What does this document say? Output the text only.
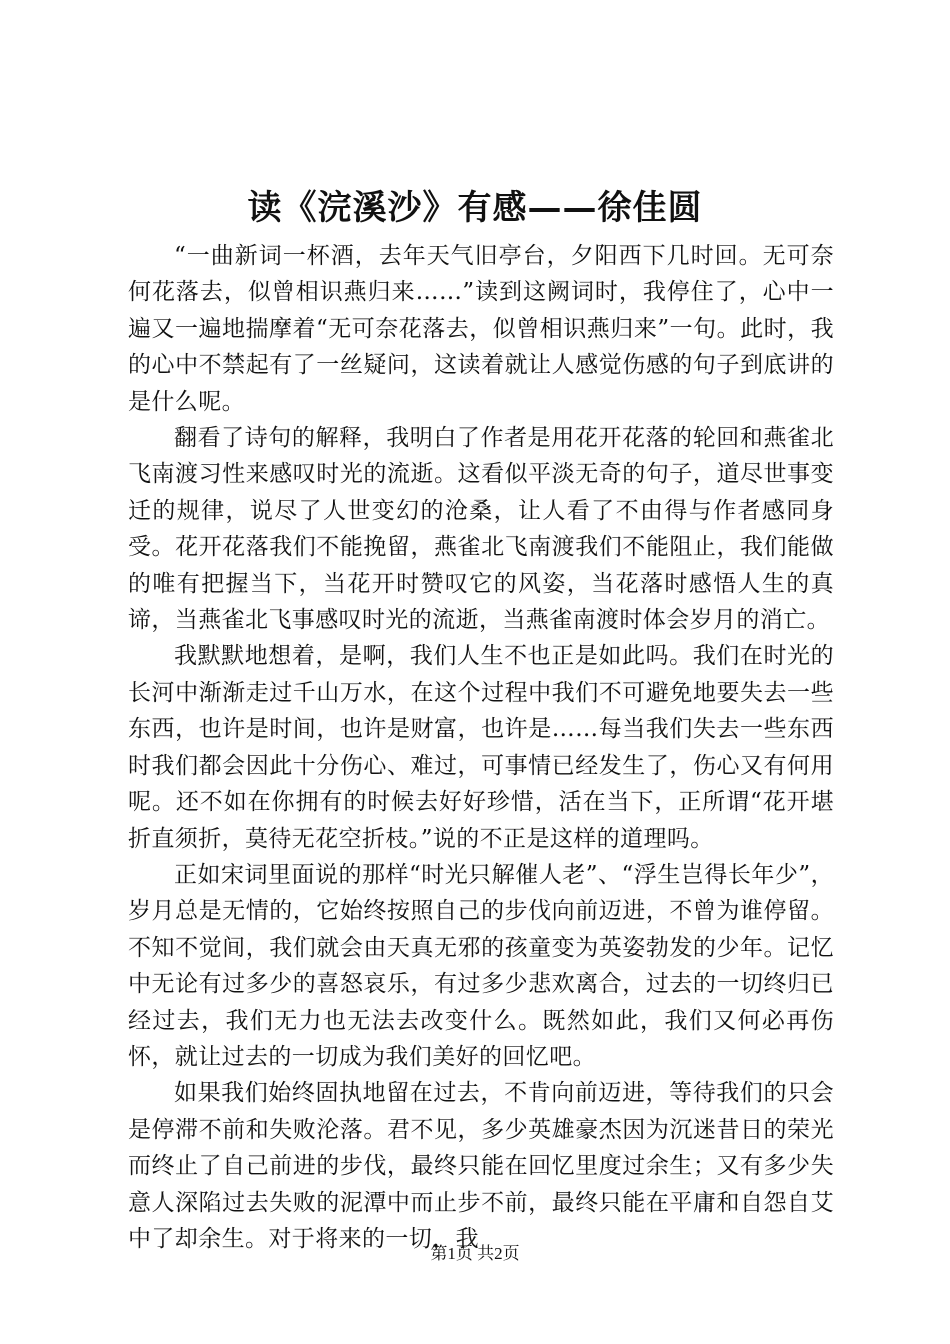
读《浣溪沙》有感——徐佳圆

“一曲新词一杯酒，去年天气旧亭台，夕阳西下几时回。无可奈何花落去，似曾相识燕归来……”读到这阙词时，我停住了，心中一遍又一遍地揣摩着“无可奈花落去，似曾相识燕归来”一句。此时，我的心中不禁起有了一丝疑问，这读着就让人感觉伤感的句子到底讲的是什么呢。

翻看了诗句的解释，我明白了作者是用花开花落的轮回和燕雀北飞南渡习性来感叹时光的流逝。这看似平淡无奇的句子，道尽世事变迁的规律，说尽了人世变幻的沧桑，让人看了不由得与作者感同身受。花开花落我们不能挽留，燕雀北飞南渡我们不能阻止，我们能做的唯有把握当下，当花开时赞叹它的风姿，当花落时感悟人生的真谛，当燕雀北飞事感叹时光的流逝，当燕雀南渡时体会岁月的消亡。

我默默地想着，是啊，我们人生不也正是如此吗。我们在时光的长河中渐渐走过千山万水，在这个过程中我们不可避免地要失去一些东西，也许是时间，也许是财富，也许是……每当我们失去一些东西时我们都会因此十分伤心、难过，可事情已经发生了，伤心又有何用呢。还不如在你拥有的时候去好好珍惜，活在当下，正所谓“花开堪折直须折，莫待无花空折枝。”说的不正是这样的道理吗。

正如宋词里面说的那样“时光只解催人老”、“浮生岂得长年少”，岁月总是无情的，它始终按照自己的步伐向前迈进，不曾为谁停留。不知不觉间，我们就会由天真无邪的孩童变为英姿勃发的少年。记忆中无论有过多少的喜怒哀乐，有过多少悲欢离合，过去的一切终归已经过去，我们无力也无法去改变什么。既然如此，我们又何必再伤怀，就让过去的一切成为我们美好的回忆吧。

如果我们始终固执地留在过去，不肯向前迈进，等待我们的只会是停滞不前和失败沦落。君不见，多少英雄豪杰因为沉迷昔日的荣光而终止了自己前进的步伐，最终只能在回忆里度过余生；又有多少失意人深陷过去失败的泥潭中而止步不前，最终只能在平庸和自怨自艾中了却余生。对于将来的一切，我

第1页 共2页
